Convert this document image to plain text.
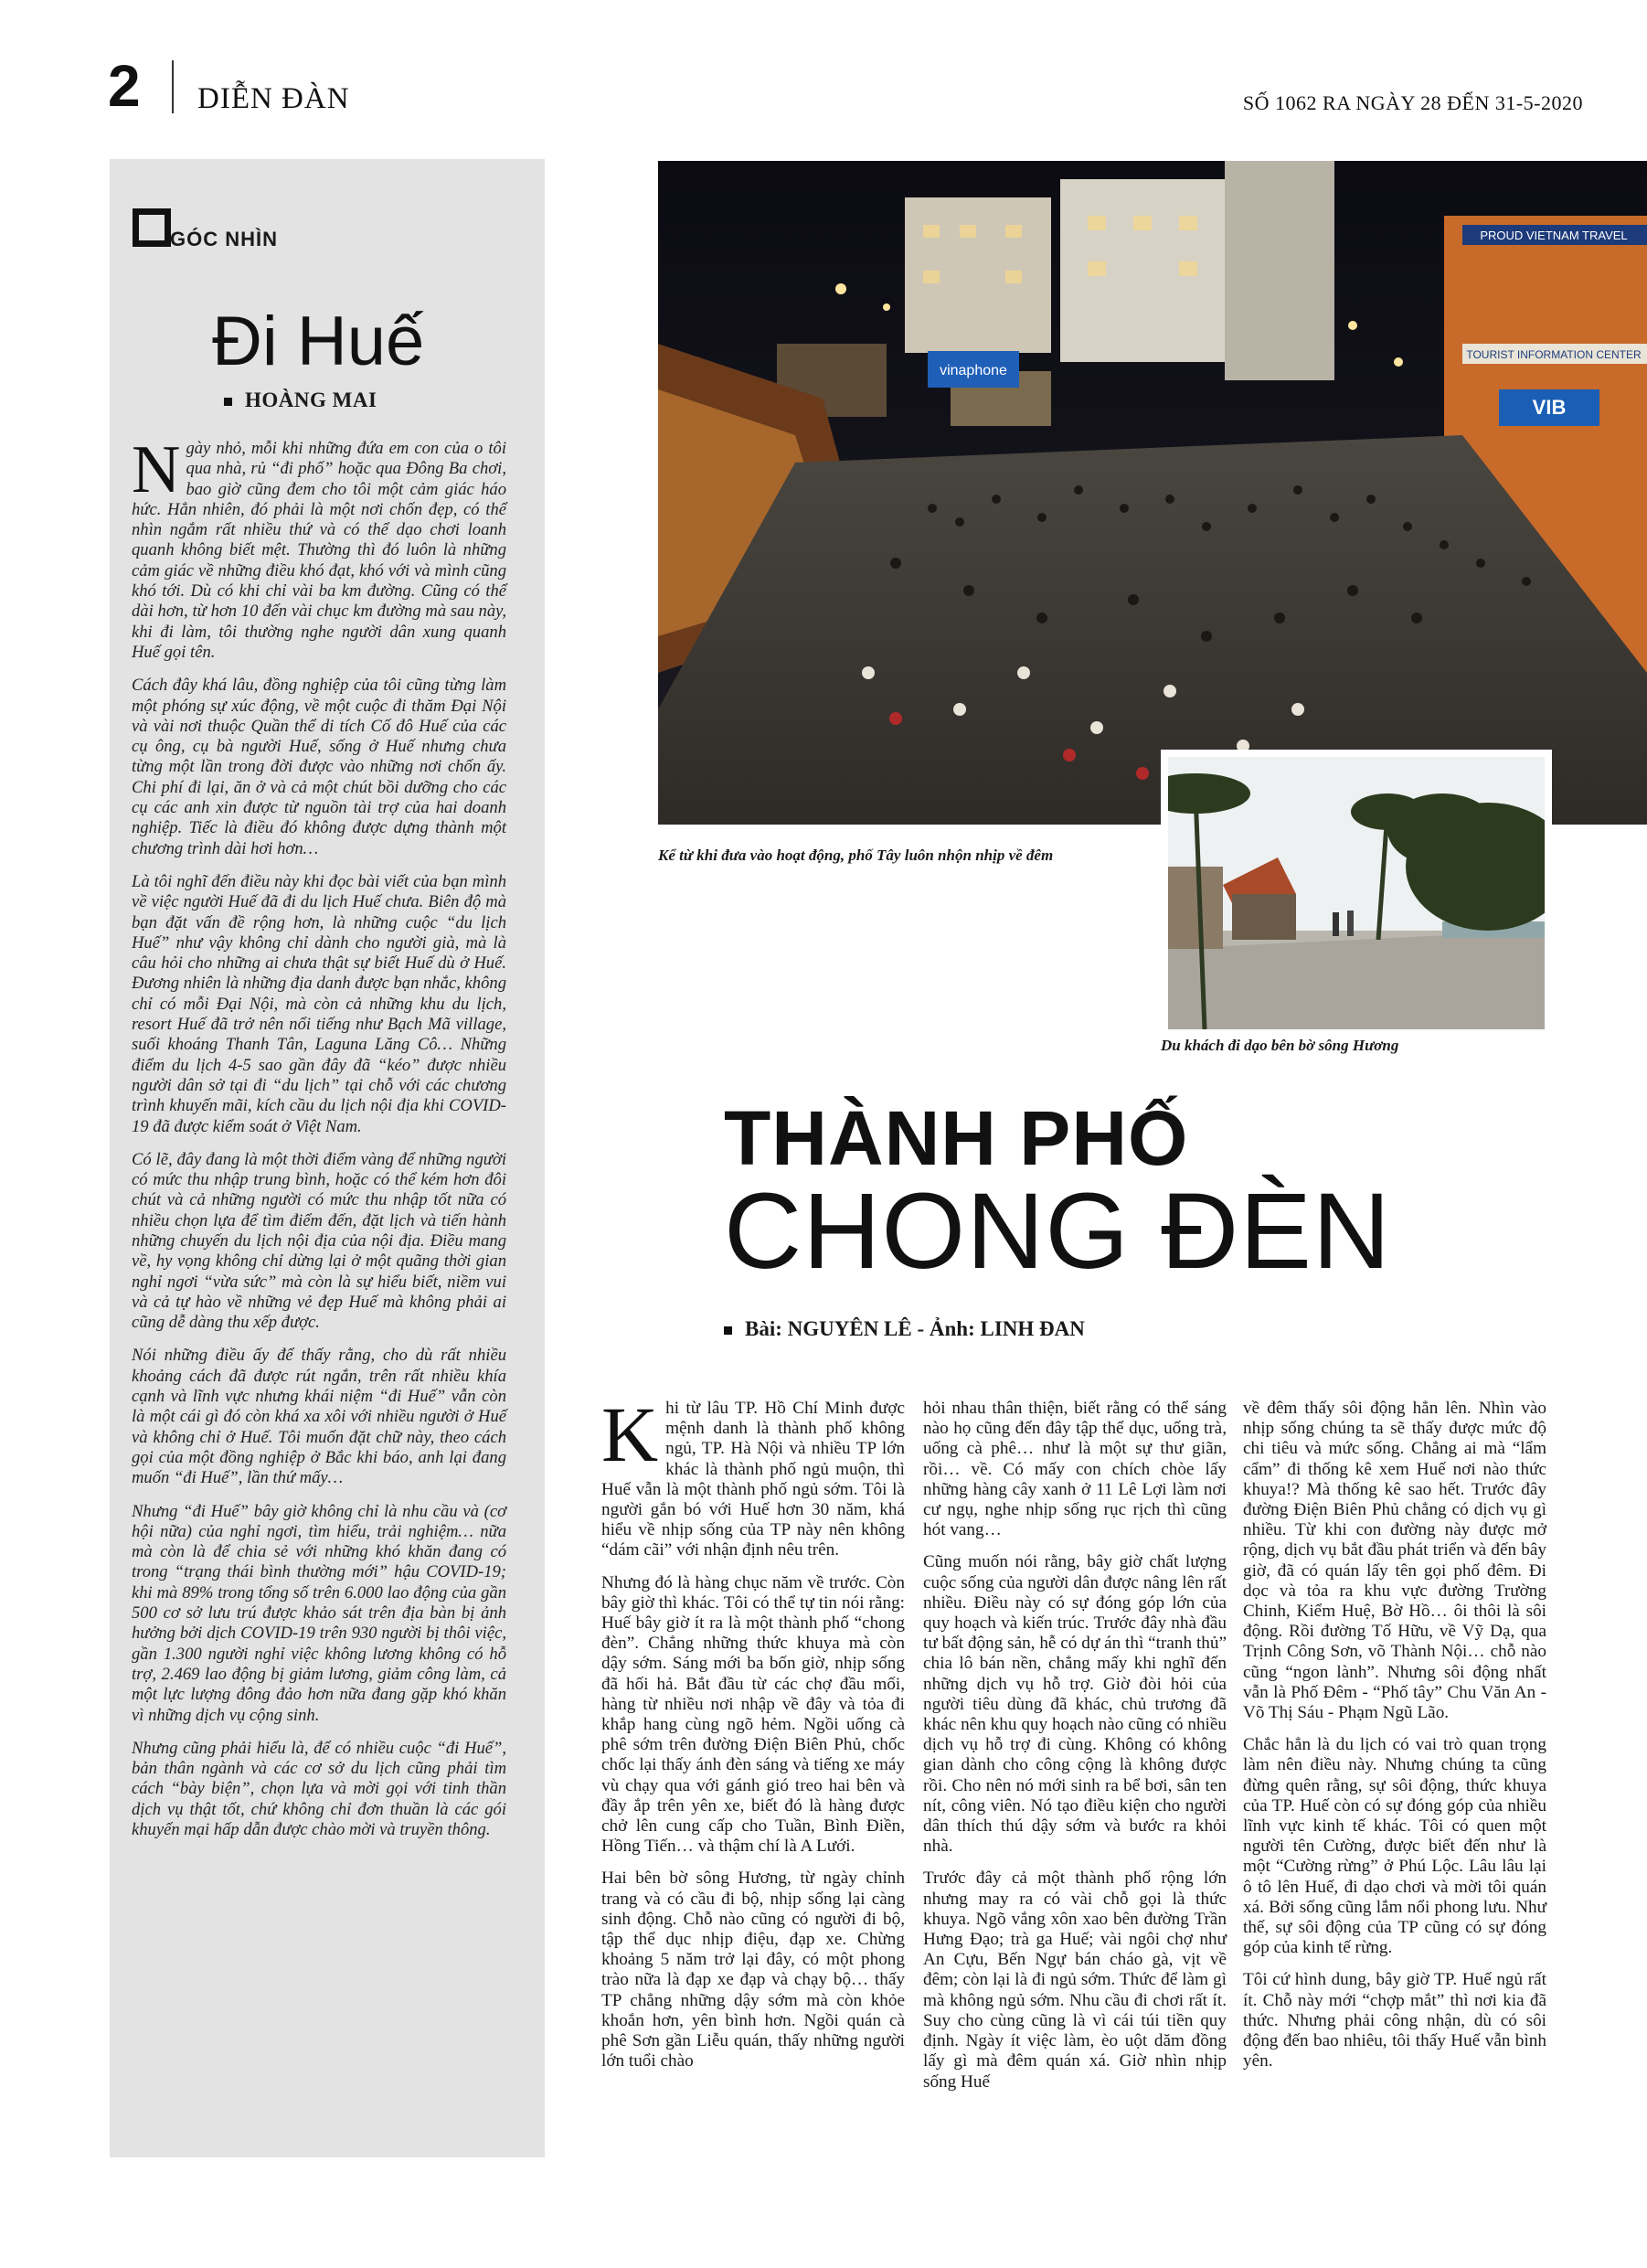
2 DIỄN ĐÀN	SỐ 1062 RA NGÀY 28 ĐẾN 31-5-2020
GÓC NHÌN
Đi Huế
HOÀNG MAI

Ngày nhỏ, mỗi khi những đứa em con của o tôi qua nhà, rủ “đi phố” hoặc qua Đông Ba chơi, bao giờ cũng đem cho tôi một cảm giác háo hức. Hẳn nhiên, đó phải là một nơi chốn đẹp, có thể nhìn ngắm rất nhiều thứ và có thể dạo chơi loanh quanh không biết mệt. Thường thì đó luôn là những cảm giác về những điều khó đạt, khó với và mình cũng khó tới. Dù có khi chỉ vài ba km đường. Cũng có thể dài hơn, từ hơn 10 đến vài chục km đường mà sau này, khi đi làm, tôi thường nghe người dân xung quanh Huế gọi tên.

Cách đây khá lâu, đồng nghiệp của tôi cũng từng làm một phóng sự xúc động, về một cuộc đi thăm Đại Nội và vài nơi thuộc Quần thể di tích Cố đô Huế của các cụ ông, cụ bà người Huế, sống ở Huế nhưng chưa từng một lần trong đời được vào những nơi chốn ấy. Chi phí đi lại, ăn ở và cả một chút bồi dưỡng cho các cụ các anh xin được từ nguồn tài trợ của hai doanh nghiệp. Tiếc là điều đó không được dựng thành một chương trình dài hơi hơn…

Là tôi nghĩ đến điều này khi đọc bài viết của bạn mình về việc người Huế đã đi du lịch Huế chưa. Biên độ mà bạn đặt vấn đề rộng hơn, là những cuộc “du lịch Huế” như vậy không chỉ dành cho người già, mà là câu hỏi cho những ai chưa thật sự biết Huế dù ở Huế. Đương nhiên là những địa danh được bạn nhắc, không chỉ có mỗi Đại Nội, mà còn cả những khu du lịch, resort Huế đã trở nên nổi tiếng như Bạch Mã village, suối khoáng Thanh Tân, Laguna Lăng Cô… Những điểm du lịch 4-5 sao gần đây đã “kéo” được nhiều người dân sở tại đi “du lịch” tại chỗ với các chương trình khuyến mãi, kích cầu du lịch nội địa khi COVID-19 đã được kiểm soát ở Việt Nam.

Có lẽ, đây đang là một thời điểm vàng để những người có mức thu nhập trung bình, hoặc có thể kém hơn đôi chút và cả những người có mức thu nhập tốt nữa có nhiều chọn lựa để tìm điểm đến, đặt lịch và tiến hành những chuyến du lịch nội địa của nội địa. Điều mang về, hy vọng không chỉ dừng lại ở một quãng thời gian nghỉ ngơi “vừa sức” mà còn là sự hiểu biết, niềm vui và cả tự hào về những vẻ đẹp Huế mà không phải ai cũng dễ dàng thu xếp được.

Nói những điều ấy để thấy rằng, cho dù rất nhiều khoảng cách đã được rút ngắn, trên rất nhiều khía cạnh và lĩnh vực nhưng khái niệm “đi Huế” vẫn còn là một cái gì đó còn khá xa xôi với nhiều người ở Huế và không chỉ ở Huế. Tôi muốn đặt chữ này, theo cách gọi của một đồng nghiệp ở Bắc khi báo, anh lại đang muốn “đi Huế”, lần thứ mấy…

Nhưng “đi Huế” bây giờ không chỉ là nhu cầu và (cơ hội nữa) của nghỉ ngơi, tìm hiểu, trải nghiệm… nữa mà còn là để chia sẻ với những khó khăn đang có trong “trạng thái bình thường mới” hậu COVID-19; khi mà 89% trong tổng số trên 6.000 lao động của gần 500 cơ sở lưu trú được khảo sát trên địa bàn bị ảnh hưởng bởi dịch COVID-19 trên 930 người bị thôi việc, gần 1.300 người nghỉ việc không lương không có hỗ trợ, 2.469 lao động bị giảm lương, giảm công làm, cả một lực lượng đông đảo hơn nữa đang gặp khó khăn vì những dịch vụ cộng sinh.

Nhưng cũng phải hiểu là, để có nhiều cuộc “đi Huế”, bản thân ngành và các cơ sở du lịch cũng phải tìm cách “bày biện”, chọn lựa và mời gọi với tinh thần dịch vụ thật tốt, chứ không chỉ đơn thuần là các gói khuyến mại hấp dẫn được chào mời và truyền thông.

vinaphone
PROUD VIETNAM TRAVEL
TOURIST INFORMATION CENTER
VIB
Kể từ khi đưa vào hoạt động, phố Tây luôn nhộn nhịp về đêm
Du khách đi dạo bên bờ sông Hương
THÀNH PHỐ
CHONG ĐÈN
Bài: NGUYÊN LÊ - Ảnh: LINH ĐAN

Khi từ lâu TP. Hồ Chí Minh được mệnh danh là thành phố không ngủ, TP. Hà Nội và nhiều TP lớn khác là thành phố ngủ muộn, thì Huế vẫn là một thành phố ngủ sớm. Tôi là người gắn bó với Huế hơn 30 năm, khá hiểu về nhịp sống của TP này nên không “dám cãi” với nhận định nêu trên.

Nhưng đó là hàng chục năm về trước. Còn bây giờ thì khác. Tôi có thể tự tin nói rằng: Huế bây giờ ít ra là một thành phố “chong đèn”. Chẳng những thức khuya mà còn dậy sớm. Sáng mới ba bốn giờ, nhịp sống đã hối hả. Bắt đầu từ các chợ đầu mối, hàng từ nhiều nơi nhập về đây và tỏa đi khắp hang cùng ngõ hẻm. Ngồi uống cà phê sớm trên đường Điện Biên Phủ, chốc chốc lại thấy ánh đèn sáng và tiếng xe máy vù chạy qua với gánh gió treo hai bên và đầy ắp trên yên xe, biết đó là hàng được chở lên cung cấp cho Tuần, Bình Điền, Hồng Tiến… và thậm chí là A Lưới.

Hai bên bờ sông Hương, từ ngày chỉnh trang và có cầu đi bộ, nhịp sống lại càng sinh động. Chỗ nào cũng có người đi bộ, tập thể dục nhịp điệu, đạp xe. Chừng khoảng 5 năm trở lại đây, có một phong trào nữa là đạp xe đạp và chạy bộ… thấy TP chẳng những dậy sớm mà còn khỏe khoắn hơn, yên bình hơn. Ngồi quán cà phê Sơn gần Liễu quán, thấy những người lớn tuổi chào

hỏi nhau thân thiện, biết rằng có thể sáng nào họ cũng đến đây tập thể dục, uống trà, uống cà phê… như là một sự thư giãn, rồi… về. Có mấy con chích chòe lấy những hàng cây xanh ở 11 Lê Lợi làm nơi cư ngụ, nghe nhịp sống rục rịch thì cũng hót vang…

Cũng muốn nói rằng, bây giờ chất lượng cuộc sống của người dân được nâng lên rất nhiều. Điều này có sự đóng góp lớn của quy hoạch và kiến trúc. Trước đây nhà đầu tư bất động sản, hễ có dự án thì “tranh thủ” chia lô bán nền, chẳng mấy khi nghĩ đến những dịch vụ hỗ trợ. Giờ đòi hỏi của người tiêu dùng đã khác, chủ trương đã khác nên khu quy hoạch nào cũng có nhiều dịch vụ hỗ trợ đi cùng. Không có không gian dành cho công cộng là không được rồi. Cho nên nó mới sinh ra bể bơi, sân ten nít, công viên. Nó tạo điều kiện cho người dân thích thú dậy sớm và bước ra khỏi nhà.

Trước đây cả một thành phố rộng lớn nhưng may ra có vài chỗ gọi là thức khuya. Ngõ vắng xôn xao bên đường Trần Hưng Đạo; trà ga Huế; vài ngôi chợ như An Cựu, Bến Ngự bán cháo gà, vịt về đêm; còn lại là đi ngủ sớm. Thức để làm gì mà không ngủ sớm. Nhu cầu đi chơi rất ít. Suy cho cùng cũng là vì cái túi tiền quy định. Ngày ít việc làm, èo uột dăm đồng lấy gì mà đêm quán xá. Giờ nhìn nhịp sống Huế

về đêm thấy sôi động hẳn lên. Nhìn vào nhịp sống chúng ta sẽ thấy được mức độ chi tiêu và mức sống. Chẳng ai mà “lẩm cẩm” đi thống kê xem Huế nơi nào thức khuya!? Mà thống kê sao hết. Trước đây đường Điện Biên Phủ chẳng có dịch vụ gì nhiều. Từ khi con đường này được mở rộng, dịch vụ bắt đầu phát triển và đến bây giờ, đã có quán lấy tên gọi phố đêm. Đi dọc và tỏa ra khu vực đường Trường Chinh, Kiểm Huệ, Bờ Hồ… ôi thôi là sôi động. Rồi đường Tố Hữu, về Vỹ Dạ, qua Trịnh Công Sơn, võ Thành Nội… chỗ nào cũng “ngon lành”. Nhưng sôi động nhất vẫn là Phố Đêm - “Phố tây” Chu Văn An - Võ Thị Sáu - Phạm Ngũ Lão.

Chắc hẳn là du lịch có vai trò quan trọng làm nên điều này. Nhưng chúng ta cũng đừng quên rằng, sự sôi động, thức khuya của TP. Huế còn có sự đóng góp của nhiều lĩnh vực kinh tế khác. Tôi có quen một người tên Cường, được biết đến như là một “Cường rừng” ở Phú Lộc. Lâu lâu lại ô tô lên Huế, đi dạo chơi và mời tôi quán xá. Bởi sống cũng lắm nổi phong lưu. Như thế, sự sôi động của TP cũng có sự đóng góp của kinh tế rừng.

Tôi cứ hình dung, bây giờ TP. Huế ngủ rất ít. Chỗ này mới “chợp mắt” thì nơi kia đã thức. Nhưng phải công nhận, dù có sôi động đến bao nhiêu, tôi thấy Huế vẫn bình yên.
